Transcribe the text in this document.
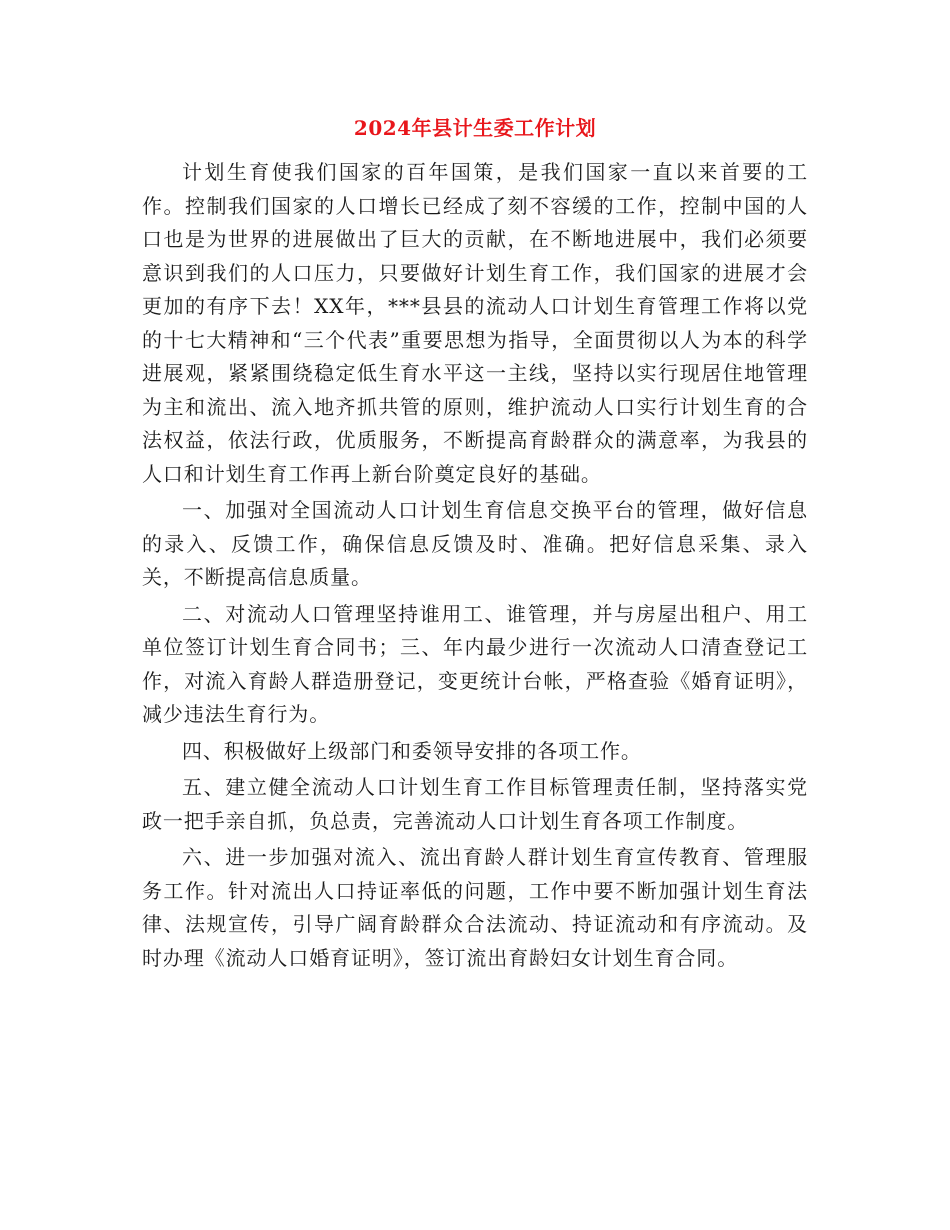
2024年县计生委工作计划

计划生育使我们国家的百年国策，是我们国家一直以来首要的工作。控制我们国家的人口增长已经成了刻不容缓的工作，控制中国的人口也是为世界的进展做出了巨大的贡献，在不断地进展中，我们必须要意识到我们的人口压力，只要做好计划生育工作，我们国家的进展才会更加的有序下去！XX年，***县县的流动人口计划生育管理工作将以党的十七大精神和“三个代表”重要思想为指导，全面贯彻以人为本的科学进展观，紧紧围绕稳定低生育水平这一主线，坚持以实行现居住地管理为主和流出、流入地齐抓共管的原则，维护流动人口实行计划生育的合法权益，依法行政，优质服务，不断提高育龄群众的满意率，为我县的人口和计划生育工作再上新台阶奠定良好的基础。

一、加强对全国流动人口计划生育信息交换平台的管理，做好信息的录入、反馈工作，确保信息反馈及时、准确。把好信息采集、录入关，不断提高信息质量。

二、对流动人口管理坚持谁用工、谁管理，并与房屋出租户、用工单位签订计划生育合同书；三、年内最少进行一次流动人口清查登记工作，对流入育龄人群造册登记，变更统计台帐，严格查验《婚育证明》，减少违法生育行为。

四、积极做好上级部门和委领导安排的各项工作。

五、建立健全流动人口计划生育工作目标管理责任制，坚持落实党政一把手亲自抓，负总责，完善流动人口计划生育各项工作制度。

六、进一步加强对流入、流出育龄人群计划生育宣传教育、管理服务工作。针对流出人口持证率低的问题，工作中要不断加强计划生育法律、法规宣传，引导广阔育龄群众合法流动、持证流动和有序流动。及时办理《流动人口婚育证明》，签订流出育龄妇女计划生育合同。
